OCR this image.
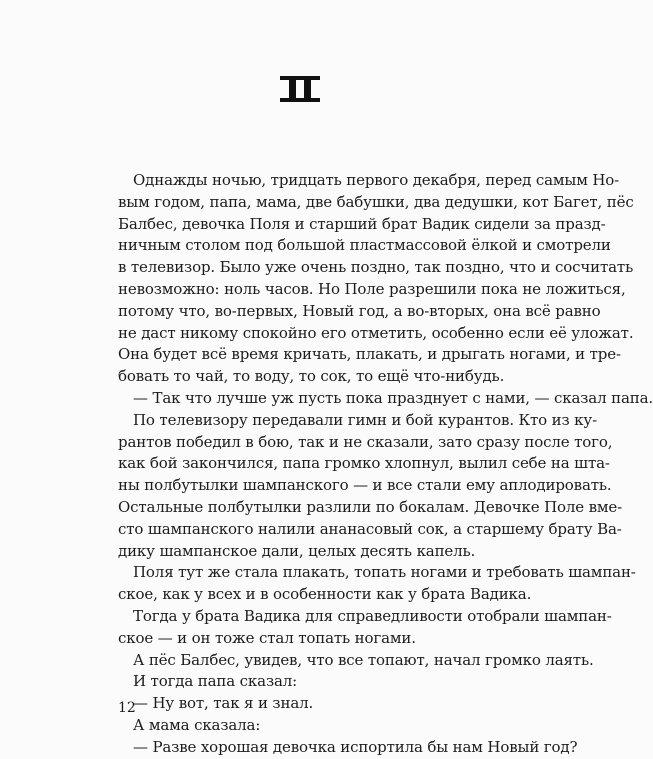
Однажды ночью, тридцать первого декабря, перед самым Но-
вым годом, папа, мама, две бабушки, два дедушки, кот Багет, пёс
Балбес, девочка Поля и старший брат Вадик сидели за празд-
ничным столом под большой пластмассовой ёлкой и смотрели
в телевизор. Было уже очень поздно, так поздно, что и сосчитать
невозможно: ноль часов. Но Поле разрешили пока не ложиться,
потому что, во-первых, Новый год, а во-вторых, она всё равно
не даст никому спокойно его отметить, особенно если её уложат.
Она будет всё время кричать, плакать, и дрыгать ногами, и тре-
бовать то чай, то воду, то сок, то ещё что-нибудь.
— Так что лучше уж пусть пока празднует с нами, — сказал папа.
По телевизору передавали гимн и бой курантов. Кто из ку-
рантов победил в бою, так и не сказали, зато сразу после того,
как бой закончился, папа громко хлопнул, вылил себе на шта-
ны полбутылки шампанского — и все стали ему аплодировать.
Остальные полбутылки разлили по бокалам. Девочке Поле вме-
сто шампанского налили ананасовый сок, а старшему брату Ва-
дику шампанское дали, целых десять капель.
Поля тут же стала плакать, топать ногами и требовать шампан-
ское, как у всех и в особенности как у брата Вадика.
Тогда у брата Вадика для справедливости отобрали шампан-
ское — и он тоже стал топать ногами.
А пёс Балбес, увидев, что все топают, начал громко лаять.
И тогда папа сказал:
— Ну вот, так я и знал.
А мама сказала:
— Разве хорошая девочка испортила бы нам Новый год?
12
